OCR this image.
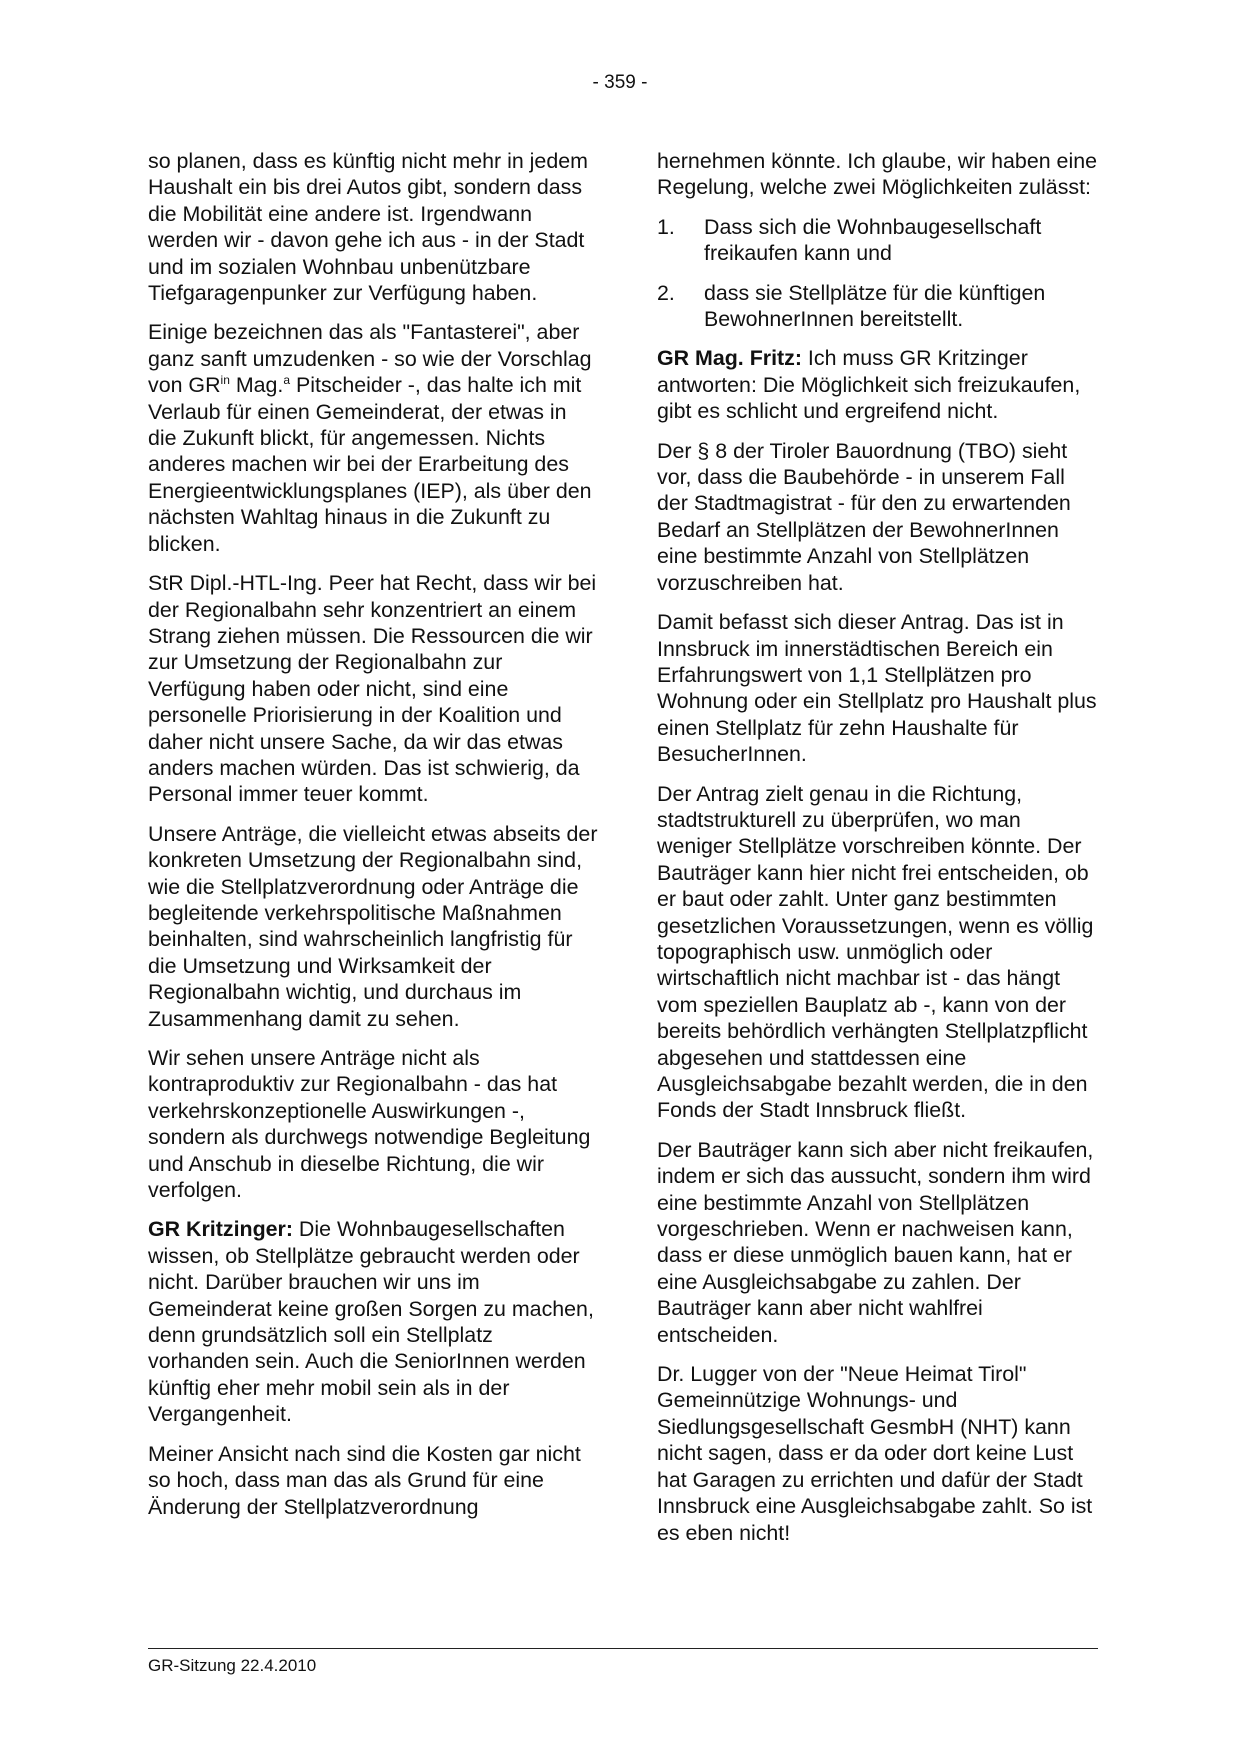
- 359 -

so planen, dass es künftig nicht mehr in jedem Haushalt ein bis drei Autos gibt, sondern dass die Mobilität eine andere ist. Irgendwann werden wir - davon gehe ich aus - in der Stadt und im sozialen Wohnbau unbenützbare Tiefgaragenpunker zur Verfügung haben.

Einige bezeichnen das als "Fantasterei", aber ganz sanft umzudenken - so wie der Vorschlag von $GR^{in}$ Mag.$^a$ Pitscheider -, das halte ich mit Verlaub für einen Gemeinderat, der etwas in die Zukunft blickt, für angemessen. Nichts anderes machen wir bei der Erarbeitung des Energieentwicklungsplanes (IEP), als über den nächsten Wahltag hinaus in die Zukunft zu blicken.

StR Dipl.-HTL-Ing. Peer hat Recht, dass wir bei der Regionalbahn sehr konzentriert an einem Strang ziehen müssen. Die Ressourcen die wir zur Umsetzung der Regionalbahn zur Verfügung haben oder nicht, sind eine personelle Priorisierung in der Koalition und daher nicht unsere Sache, da wir das etwas anders machen würden. Das ist schwierig, da Personal immer teuer kommt.

Unsere Anträge, die vielleicht etwas abseits der konkreten Umsetzung der Regionalbahn sind, wie die Stellplatzverordnung oder Anträge die begleitende verkehrspolitische Maßnahmen beinhalten, sind wahrscheinlich langfristig für die Umsetzung und Wirksamkeit der Regionalbahn wichtig, und durchaus im Zusammenhang damit zu sehen.

Wir sehen unsere Anträge nicht als kontraproduktiv zur Regionalbahn - das hat verkehrskonzeptionelle Auswirkungen -, sondern als durchwegs notwendige Begleitung und Anschub in dieselbe Richtung, die wir verfolgen.

GR Kritzinger: Die Wohnbaugesellschaften wissen, ob Stellplätze gebraucht werden oder nicht. Darüber brauchen wir uns im Gemeinderat keine großen Sorgen zu machen, denn grundsätzlich soll ein Stellplatz vorhanden sein. Auch die SeniorInnen werden künftig eher mehr mobil sein als in der Vergangenheit.

Meiner Ansicht nach sind die Kosten gar nicht so hoch, dass man das als Grund für eine Änderung der Stellplatzverordnung

hernehmen könnte. Ich glaube, wir haben eine Regelung, welche zwei Möglichkeiten zulässt:

1.	Dass sich die Wohnbaugesellschaft freikaufen kann und
2.	dass sie Stellplätze für die künftigen BewohnerInnen bereitstellt.

GR Mag. Fritz: Ich muss GR Kritzinger antworten: Die Möglichkeit sich freizukaufen, gibt es schlicht und ergreifend nicht.

Der § 8 der Tiroler Bauordnung (TBO) sieht vor, dass die Baubehörde - in unserem Fall der Stadtmagistrat - für den zu erwartenden Bedarf an Stellplätzen der BewohnerInnen eine bestimmte Anzahl von Stellplätzen vorzuschreiben hat.

Damit befasst sich dieser Antrag. Das ist in Innsbruck im innerstädtischen Bereich ein Erfahrungswert von 1,1 Stellplätzen pro Wohnung oder ein Stellplatz pro Haushalt plus einen Stellplatz für zehn Haushalte für BesucherInnen.

Der Antrag zielt genau in die Richtung, stadtstrukturell zu überprüfen, wo man weniger Stellplätze vorschreiben könnte. Der Bauträger kann hier nicht frei entscheiden, ob er baut oder zahlt. Unter ganz bestimmten gesetzlichen Voraussetzungen, wenn es völlig topographisch usw. unmöglich oder wirtschaftlich nicht machbar ist - das hängt vom speziellen Bauplatz ab -, kann von der bereits behördlich verhängten Stellplatzpflicht abgesehen und stattdessen eine Ausgleichsabgabe bezahlt werden, die in den Fonds der Stadt Innsbruck fließt.

Der Bauträger kann sich aber nicht freikaufen, indem er sich das aussucht, sondern ihm wird eine bestimmte Anzahl von Stellplätzen vorgeschrieben. Wenn er nachweisen kann, dass er diese unmöglich bauen kann, hat er eine Ausgleichsabgabe zu zahlen. Der Bauträger kann aber nicht wahlfrei entscheiden.

Dr. Lugger von der "Neue Heimat Tirol" Gemeinnützige Wohnungs- und Siedlungsgesellschaft GesmbH (NHT) kann nicht sagen, dass er da oder dort keine Lust hat Garagen zu errichten und dafür der Stadt Innsbruck eine Ausgleichsabgabe zahlt. So ist es eben nicht!

GR-Sitzung 22.4.2010
